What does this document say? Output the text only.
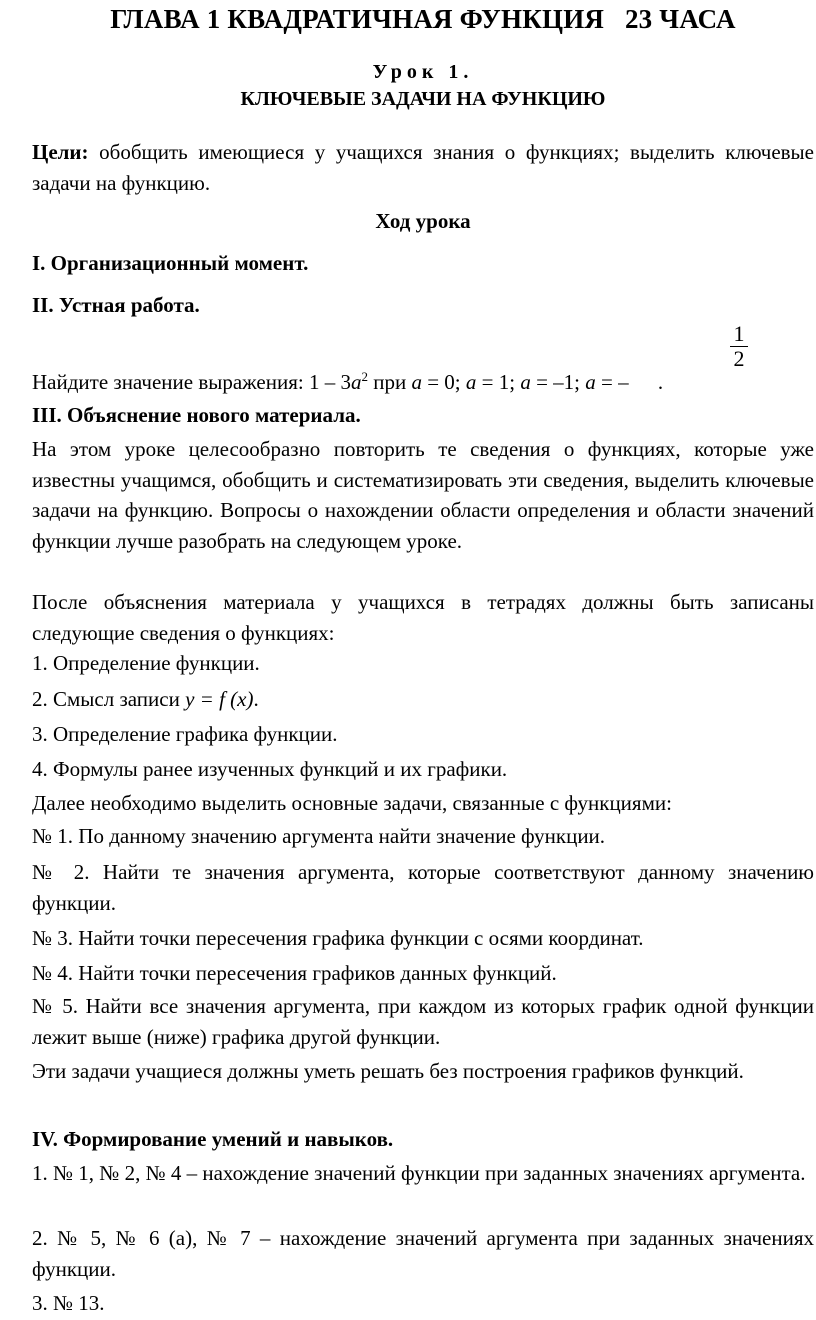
ГЛАВА 1 КВАДРАТИЧНАЯ ФУНКЦИЯ   23 ЧАСА
Урок 1.
КЛЮЧЕВЫЕ ЗАДАЧИ НА ФУНКЦИЮ
Цели: обобщить имеющиеся у учащихся знания о функциях; выделить ключевые задачи на функцию.
Ход урока
I. Организационный момент.
II. Устная работа.
1
2
Найдите значение выражения: $1 - 3a^2$ при a = 0; a = 1; a = –1; a = – .
III. Объяснение нового материала.
На этом уроке целесообразно повторить те сведения о функциях, которые уже известны учащимся, обобщить и систематизировать эти сведения, выделить ключевые задачи на функцию. Вопросы о нахождении области определения и области значений функции лучше разобрать на следующем уроке.
После объяснения материала у учащихся в тетрадях должны быть записаны следующие сведения о функциях:
1. Определение функции.
2. Смысл записи y = f (x).
3. Определение графика функции.
4. Формулы ранее изученных функций и их графики.
Далее необходимо выделить основные задачи, связанные с функциями:
№ 1. По данному значению аргумента найти значение функции.
№ 2. Найти те значения аргумента, которые соответствуют данному значению функции.
№ 3. Найти точки пересечения графика функции с осями координат.
№ 4. Найти точки пересечения графиков данных функций.
№ 5. Найти все значения аргумента, при каждом из которых график одной функции лежит выше (ниже) графика другой функции.
Эти задачи учащиеся должны уметь решать без построения графиков функций.
IV. Формирование умений и навыков.
1. № 1, № 2, № 4 – нахождение значений функции при заданных значениях аргумента.
2. № 5, № 6 (а), № 7 – нахождение значений аргумента при заданных значениях функции.
3. № 13.
